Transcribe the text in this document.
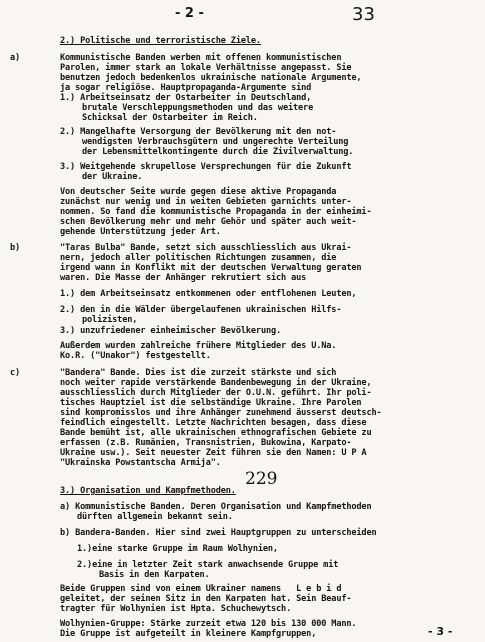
2.) Politische und terroristische Ziele.
a)	Kommunistische Banden werben mit offenen kommunistischen
Parolen, immer stark an lokale Verhältnisse angepasst. Sie
benutzen jedoch bedenkenlos ukrainische nationale Argumente,
ja sogar religiöse. Hauptpropaganda-Argumente sind
1.) Arbeitseinsatz der Ostarbeiter in Deutschland,
brutale Verschleppungsmethoden und das weitere
Schicksal der Ostarbeiter im Reich.
2.) Mangelhafte Versorgung der Bevölkerung mit den not-
wendigsten Verbrauchsgütern und ungerechte Verteilung
der Lebensmittelkontingente durch die Zivilverwaltung.
3.) Weitgehende skrupellose Versprechungen für die Zukunft
der Ukraine.
Von deutscher Seite wurde gegen diese aktive Propaganda
zunächst nur wenig und in weiten Gebieten garnichts unter-
nommen. So fand die kommunistische Propaganda in der einheimi-
schen Bevölkerung mehr und mehr Gehör und später auch weit-
gehende Unterstützung jeder Art.
b)	"Taras Bulba" Bande, setzt sich ausschliesslich aus Ukrai-
nern, jedoch aller politischen Richtungen zusammen, die
irgend wann in Konflikt mit der deutschen Verwaltung geraten
waren. Die Masse der Anhänger rekrutiert sich aus
1.) dem Arbeitseinsatz entkommenen oder entflohenen Leuten,
2.) den in die Wälder übergelaufenen ukrainischen Hilfs-
polizisten,
3.) unzufriedener einheimischer Bevölkerung.
Außerdem wurden zahlreiche frühere Mitglieder des U.Na.
Ko.R. ("Unakor") festgestellt.
c)	"Bandera" Bande. Dies ist die zurzeit stärkste und sich
noch weiter rapide verstärkende Bandenbewegung in der Ukraine,
ausschliesslich durch Mitglieder der O.U.N. geführt. Ihr poli-
tisches Hauptziel ist die selbständige Ukraine. Ihre Parolen
sind kompromisslos und ihre Anhänger zunehmend äusserst deutsch-
feindlich eingestellt. Letzte Nachrichten besagen, dass diese
Bande bemüht ist, alle ukrainischen ethnografischen Gebiete zu
erfassen (z.B. Rumänien, Transnistrien, Bukowina, Karpato-
Ukraine usw.). Seit neuester Zeit führen sie den Namen: U P A
"Ukrainska Powstantscha Armija".
3.) Organisation und Kampfmethoden.
a) Kommunistische Banden. Deren Organisation und Kampfmethoden
dürften allgemein bekannt sein.
b) Bandera-Banden. Hier sind zwei Hauptgruppen zu unterscheiden
1.)eine starke Gruppe im Raum Wolhynien,
2.)eine in letzter Zeit stark anwachsende Gruppe mit
Basis in den Karpaten.
Beide Gruppen sind von einem Ukrainer namens   L e b i d
geleitet, der seinen Sitz in den Karpaten hat. Sein Beauf-
tragter für Wolhynien ist Hpta. Schuchewytsch.
Wolhynien-Gruppe: Stärke zurzeit etwa 120 bis 130 000 Mann.
Die Gruppe ist aufgeteilt in kleinere Kampfgruppen,
- 2 -	33
229
- 3 -
